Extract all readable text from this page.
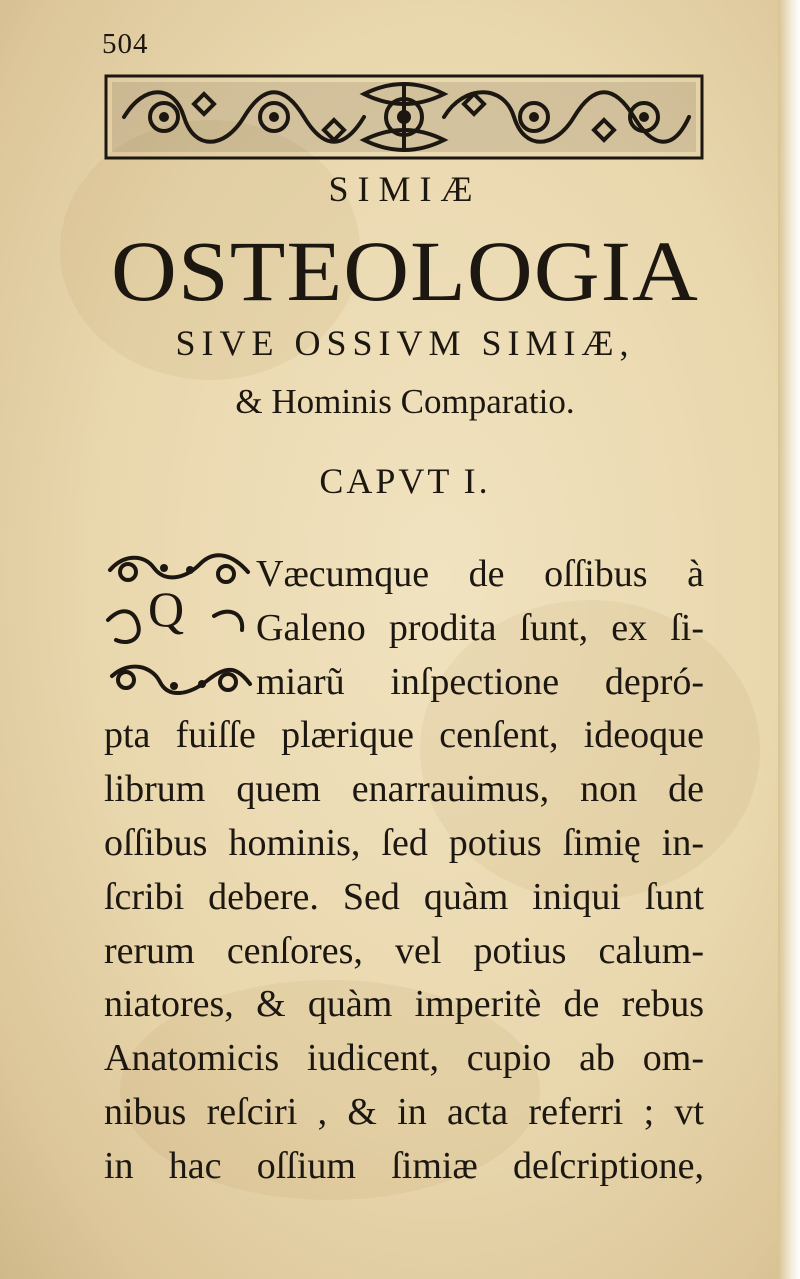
504
SIMIÆ
OSTEOLOGIA
SIVE OSSIVM SIMIÆ,
& Hominis Comparatio.
CAPVT I.
Q
Væcumque de oſſibus à
Galeno prodita ſunt, ex ſi-
miarũ inſpectione depró-
pta fuiſſe plærique cenſent, ideoque
librum quem enarrauimus, non de
oſſibus hominis, ſed potius ſimię in-
ſcribi debere. Sed quàm iniqui ſunt
rerum cenſores, vel potius calum-
niatores, & quàm imperitè de rebus
Anatomicis iudicent, cupio ab om-
nibus reſciri , & in acta referri ; vt
in hac oſſium ſimiæ deſcriptione,
